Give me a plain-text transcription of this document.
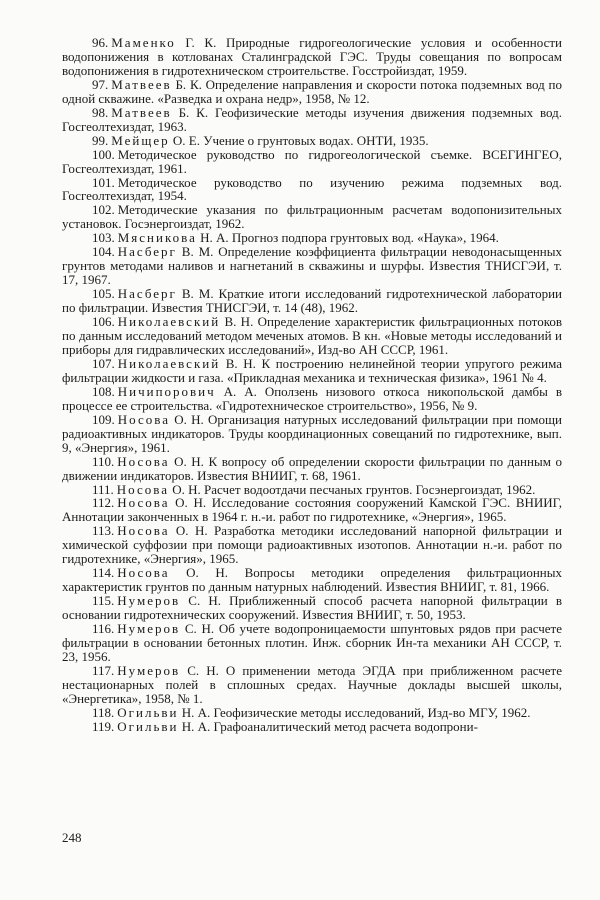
96. Маменко Г. К. Природные гидрогеологические условия и особенности водопонижения в котлованах Сталинградской ГЭС. Труды совещания по вопросам водопонижения в гидротехническом строительстве. Госстройиздат, 1959.

97. Матвеев Б. К. Определение направления и скорости потока подземных вод по одной скважине. «Разведка и охрана недр», 1958, № 12.

98. Матвеев Б. К. Геофизические методы изучения движения подземных вод. Госгеолтехиздат, 1963.

99. Мейщер О. Е. Учение о грунтовых водах. ОНТИ, 1935.

100. Методическое руководство по гидрогеологической съемке. ВСЕГИНГЕО, Госгеолтехиздат, 1961.

101. Методическое руководство по изучению режима подземных вод. Госгеолтехиздат, 1954.

102. Методические указания по фильтрационным расчетам водопонизительных установок. Госэнергоиздат, 1962.

103. Мясникова Н. А. Прогноз подпора грунтовых вод. «Наука», 1964.

104. Насберг В. М. Определение коэффициента фильтрации неводонасыщенных грунтов методами наливов и нагнетаний в скважины и шурфы. Известия ТНИСГЭИ, т. 17, 1967.

105. Насберг В. М. Краткие итоги исследований гидротехнической лаборатории по фильтрации. Известия ТНИСГЭИ, т. 14 (48), 1962.

106. Николаевский В. Н. Определение характеристик фильтрационных потоков по данным исследований методом меченых атомов. В кн. «Новые методы исследований и приборы для гидравлических исследований», Изд-во АН СССР, 1961.

107. Николаевский В. Н. К построению нелинейной теории упругого режима фильтрации жидкости и газа. «Прикладная механика и техническая физика», 1961 № 4.

108. Ничипорович А. А. Оползень низового откоса никопольской дамбы в процессе ее строительства. «Гидротехническое строительство», 1956, № 9.

109. Носова О. Н. Организация натурных исследований фильтрации при помощи радиоактивных индикаторов. Труды координационных совещаний по гидротехнике, вып. 9, «Энергия», 1961.

110. Носова О. Н. К вопросу об определении скорости фильтрации по данным о движении индикаторов. Известия ВНИИГ, т. 68, 1961.

111. Носова О. Н. Расчет водоотдачи песчаных грунтов. Госэнергоиздат, 1962.

112. Носова О. Н. Исследование состояния сооружений Камской ГЭС. ВНИИГ, Аннотации законченных в 1964 г. н.-и. работ по гидротехнике, «Энергия», 1965.

113. Носова О. Н. Разработка методики исследований напорной фильтрации и химической суффозии при помощи радиоактивных изотопов. Аннотации н.-и. работ по гидротехнике, «Энергия», 1965.

114. Носова О. Н. Вопросы методики определения фильтрационных характеристик грунтов по данным натурных наблюдений. Известия ВНИИГ, т. 81, 1966.

115. Нумеров С. Н. Приближенный способ расчета напорной фильтрации в основании гидротехнических сооружений. Известия ВНИИГ, т. 50, 1953.

116. Нумеров С. Н. Об учете водопроницаемости шпунтовых рядов при расчете фильтрации в основании бетонных плотин. Инж. сборник Ин-та механики АН СССР, т. 23, 1956.

117. Нумеров С. Н. О применении метода ЭГДА при приближенном расчете нестационарных полей в сплошных средах. Научные доклады высшей школы, «Энергетика», 1958, № 1.

118. Огильви Н. А. Геофизические методы исследований, Изд-во МГУ, 1962.

119. Огильви Н. А. Графоаналитический метод расчета водопрони-

248
